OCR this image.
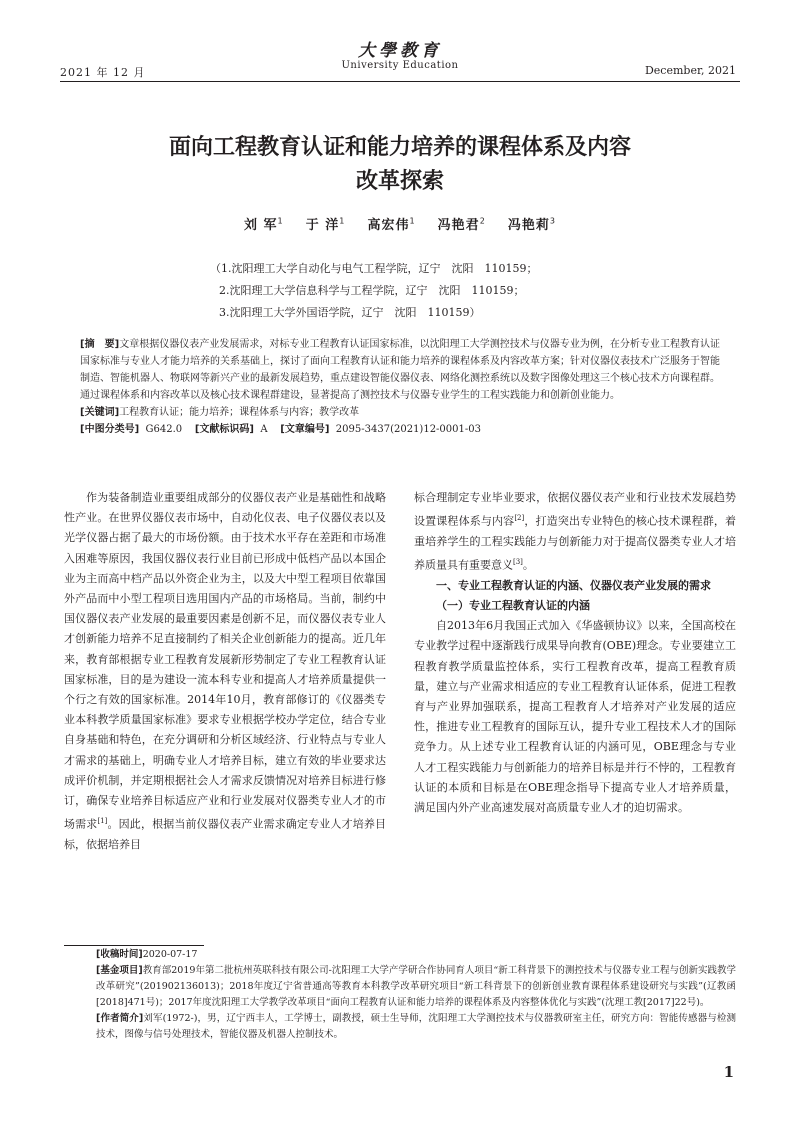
2021 年 12 月
大學教育
University Education	December, 2021
面向工程教育认证和能力培养的课程体系及内容
改革探索
刘 军$^1$ 于 洋$^1$ 高宏伟$^1$ 冯艳君$^2$ 冯艳莉$^3$
（1.沈阳理工大学自动化与电气工程学院，辽宁　沈阳　110159；
2.沈阳理工大学信息科学与工程学院，辽宁　沈阳　110159；
3.沈阳理工大学外国语学院，辽宁　沈阳　110159）

[摘　要]文章根据仪器仪表产业发展需求，对标专业工程教育认证国家标准，以沈阳理工大学测控技术与仪器专业为例，在分析专业工程教育认证国家标准与专业人才能力培养的关系基础上，探讨了面向工程教育认证和能力培养的课程体系及内容改革方案；针对仪器仪表技术广泛服务于智能制造、智能机器人、物联网等新兴产业的最新发展趋势，重点建设智能仪器仪表、网络化测控系统以及数字图像处理这三个核心技术方向课程群。通过课程体系和内容改革以及核心技术课程群建设，显著提高了测控技术与仪器专业学生的工程实践能力和创新创业能力。

[关键词]工程教育认证；能力培养；课程体系与内容；教学改革

[中图分类号] G642.0 [文献标识码] A [文章编号] 2095-3437(2021)12-0001-03

作为装备制造业重要组成部分的仪器仪表产业是基础性和战略性产业。在世界仪器仪表市场中，自动化仪表、电子仪器仪表以及光学仪器占据了最大的市场份额。由于技术水平存在差距和市场准入困难等原因，我国仪器仪表行业目前已形成中低档产品以本国企业为主而高中档产品以外资企业为主，以及大中型工程项目依靠国外产品而中小型工程项目选用国内产品的市场格局。当前，制约中国仪器仪表产业发展的最重要因素是创新不足，而仪器仪表专业人才创新能力培养不足直接制约了相关企业创新能力的提高。近几年来，教育部根据专业工程教育发展新形势制定了专业工程教育认证国家标准，目的是为建设一流本科专业和提高人才培养质量提供一个行之有效的国家标准。2014年10月，教育部修订的《仪器类专业本科教学质量国家标准》要求专业根据学校办学定位，结合专业自身基础和特色，在充分调研和分析区域经济、行业特点与专业人才需求的基础上，明确专业人才培养目标，建立有效的毕业要求达成评价机制，并定期根据社会人才需求反馈情况对培养目标进行修订，确保专业培养目标适应产业和行业发展对仪器类专业人才的市场需求[1]。因此，根据当前仪器仪表产业需求确定专业人才培养目标，依据培养目

标合理制定专业毕业要求，依据仪器仪表产业和行业技术发展趋势设置课程体系与内容[2]，打造突出专业特色的核心技术课程群，着重培养学生的工程实践能力与创新能力对于提高仪器类专业人才培养质量具有重要意义[3]。

一、专业工程教育认证的内涵、仪器仪表产业发展的需求
（一）专业工程教育认证的内涵

自2013年6月我国正式加入《华盛顿协议》以来，全国高校在专业教学过程中逐渐践行成果导向教育(OBE)理念。专业要建立工程教育教学质量监控体系，实行工程教育改革，提高工程教育质量，建立与产业需求相适应的专业工程教育认证体系，促进工程教育与产业界加强联系，提高工程教育人才培养对产业发展的适应性，推进专业工程教育的国际互认，提升专业工程技术人才的国际竞争力。从上述专业工程教育认证的内涵可见，OBE理念与专业人才工程实践能力与创新能力的培养目标是并行不悖的，工程教育认证的本质和目标是在OBE理念指导下提高专业人才培养质量，满足国内外产业高速发展对高质量专业人才的迫切需求。

[收稿时间]2020-07-17

[基金项目]教育部2019年第二批杭州英联科技有限公司-沈阳理工大学产学研合作协同育人项目“新工科背景下的测控技术与仪器专业工程与创新实践教学改革研究”(201902136013)；2018年度辽宁省普通高等教育本科教学改革研究项目“新工科背景下的创新创业教育课程体系建设研究与实践”(辽教函[2018]471号)；2017年度沈阳理工大学教学改革项目“面向工程教育认证和能力培养的课程体系及内容整体优化与实践”(沈理工教[2017]22号)。

[作者简介]刘军(1972-)，男，辽宁西丰人，工学博士，副教授，硕士生导师，沈阳理工大学测控技术与仪器教研室主任，研究方向：智能传感器与检测技术，图像与信号处理技术，智能仪器及机器人控制技术。

1
